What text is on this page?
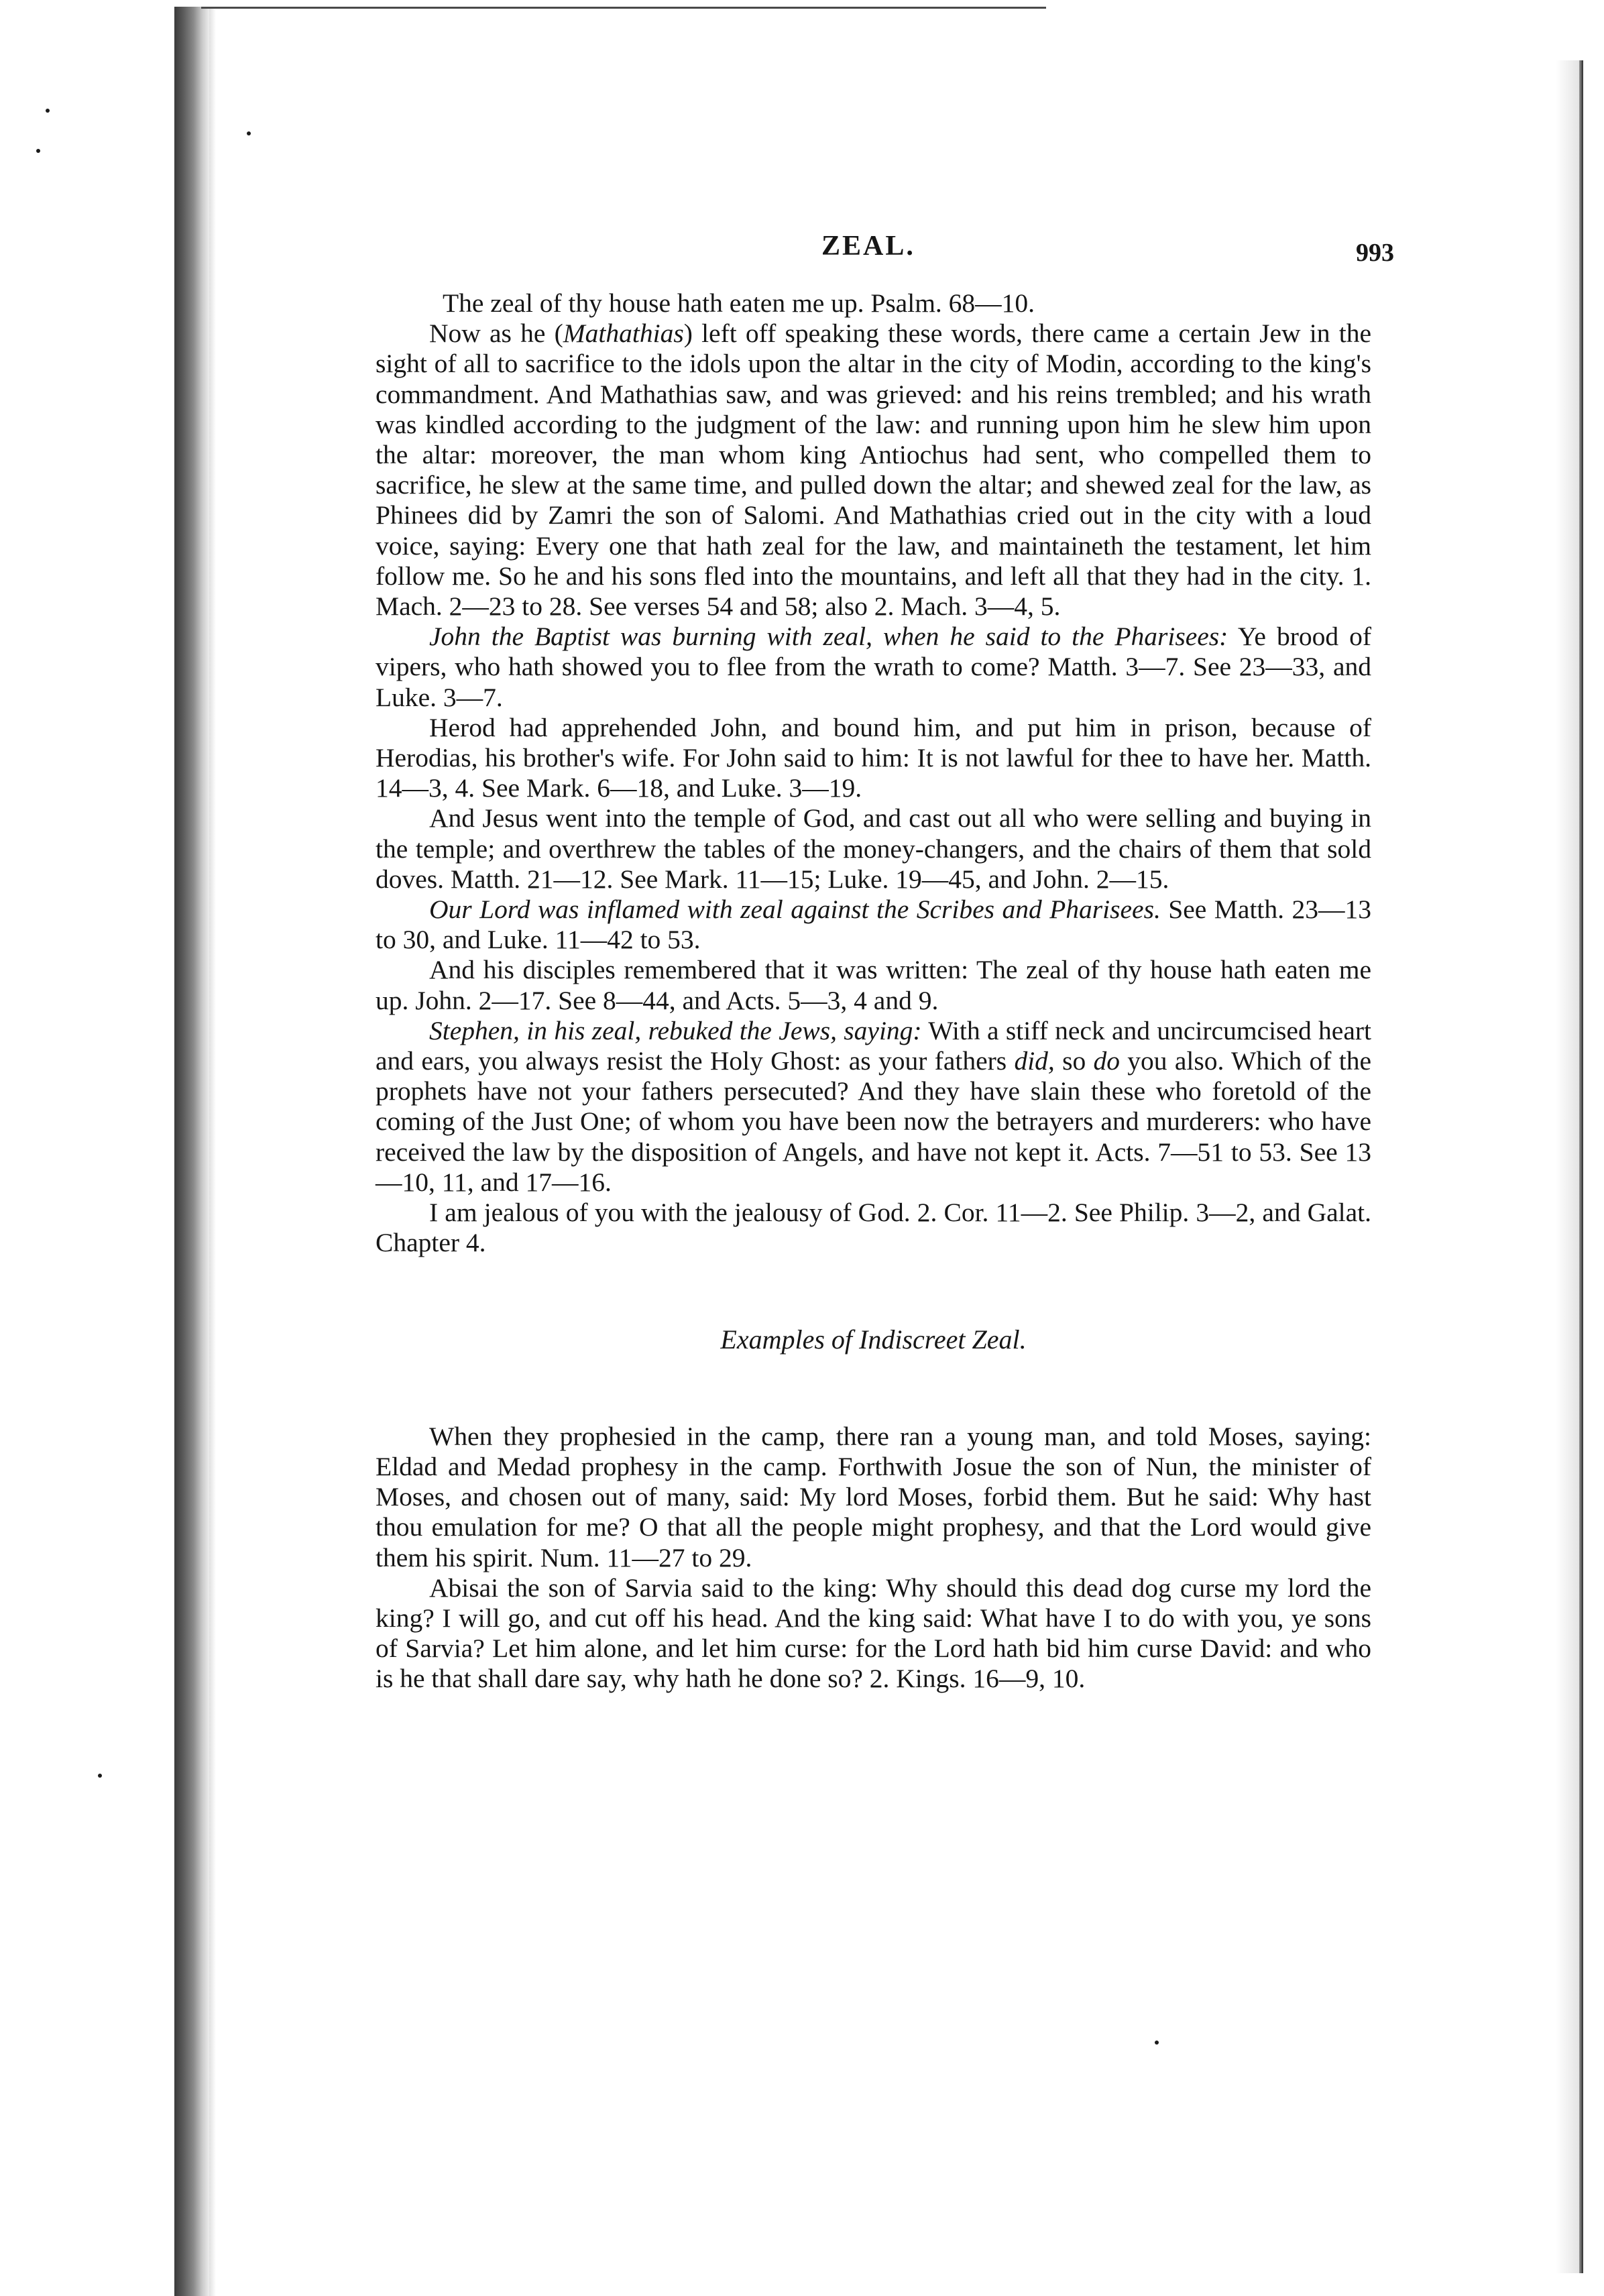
ZEAL.	993

The zeal of thy house hath eaten me up. Psalm. 68—10.

Now as he (Mathathias) left off speaking these words, there came a certain Jew in the sight of all to sacrifice to the idols upon the altar in the city of Modin, according to the king's commandment. And Mathathias saw, and was grieved: and his reins trembled; and his wrath was kindled according to the judgment of the law: and running upon him he slew him upon the altar: moreover, the man whom king Antiochus had sent, who compelled them to sacrifice, he slew at the same time, and pulled down the altar; and shewed zeal for the law, as Phinees did by Zamri the son of Salomi. And Mathathias cried out in the city with a loud voice, saying: Every one that hath zeal for the law, and maintaineth the testament, let him follow me. So he and his sons fled into the mountains, and left all that they had in the city. 1. Mach. 2—23 to 28. See verses 54 and 58; also 2. Mach. 3—4, 5.

John the Baptist was burning with zeal, when he said to the Pharisees: Ye brood of vipers, who hath showed you to flee from the wrath to come? Matth. 3—7. See 23—33, and Luke. 3—7.

Herod had apprehended John, and bound him, and put him in prison, because of Herodias, his brother's wife. For John said to him: It is not lawful for thee to have her. Matth. 14—3, 4. See Mark. 6—18, and Luke. 3—19.

And Jesus went into the temple of God, and cast out all who were selling and buying in the temple; and overthrew the tables of the money-changers, and the chairs of them that sold doves. Matth. 21—12. See Mark. 11—15; Luke. 19—45, and John. 2—15.

Our Lord was inflamed with zeal against the Scribes and Pharisees. See Matth. 23—13 to 30, and Luke. 11—42 to 53.

And his disciples remembered that it was written: The zeal of thy house hath eaten me up. John. 2—17. See 8—44, and Acts. 5—3, 4 and 9.

Stephen, in his zeal, rebuked the Jews, saying: With a stiff neck and uncircumcised heart and ears, you always resist the Holy Ghost: as your fathers did, so do you also. Which of the prophets have not your fathers persecuted? And they have slain these who foretold of the coming of the Just One; of whom you have been now the betrayers and murderers: who have received the law by the disposition of Angels, and have not kept it. Acts. 7—51 to 53. See 13—10, 11, and 17—16.

I am jealous of you with the jealousy of God. 2. Cor. 11—2. See Philip. 3—2, and Galat. Chapter 4.

Examples of Indiscreet Zeal.

When they prophesied in the camp, there ran a young man, and told Moses, saying: Eldad and Medad prophesy in the camp. Forthwith Josue the son of Nun, the minister of Moses, and chosen out of many, said: My lord Moses, forbid them. But he said: Why hast thou emulation for me? O that all the people might prophesy, and that the Lord would give them his spirit. Num. 11—27 to 29.

Abisai the son of Sarvia said to the king: Why should this dead dog curse my lord the king? I will go, and cut off his head. And the king said: What have I to do with you, ye sons of Sarvia? Let him alone, and let him curse: for the Lord hath bid him curse David: and who is he that shall dare say, why hath he done so? 2. Kings. 16—9, 10.
